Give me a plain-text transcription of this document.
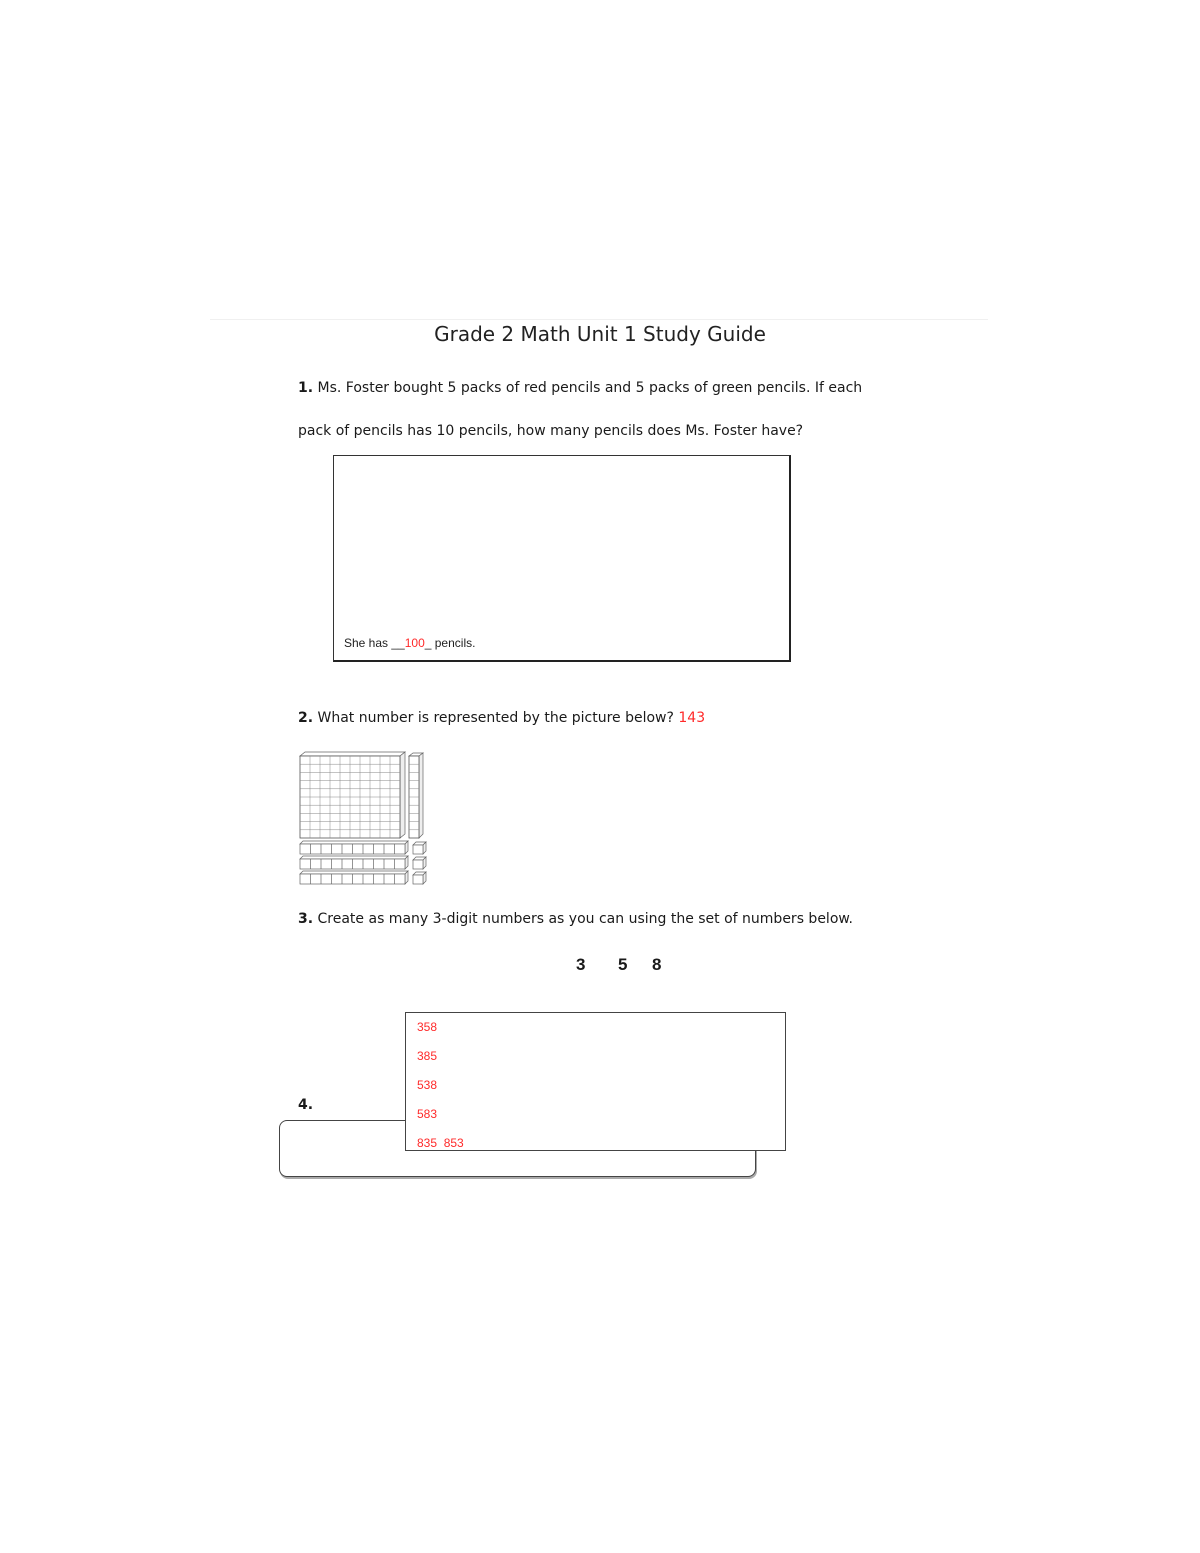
Grade 2 Math Unit 1 Study Guide
1. Ms. Foster bought 5 packs of red pencils and 5 packs of green pencils. If each
pack of pencils has 10 pencils, how many pencils does Ms. Foster have?
She has __100_ pencils.
2. What number is represented by the picture below? 143
3. Create as many 3-digit numbers as you can using the set of numbers below.
3 5 8
4.
358
385
538
583
835  853
